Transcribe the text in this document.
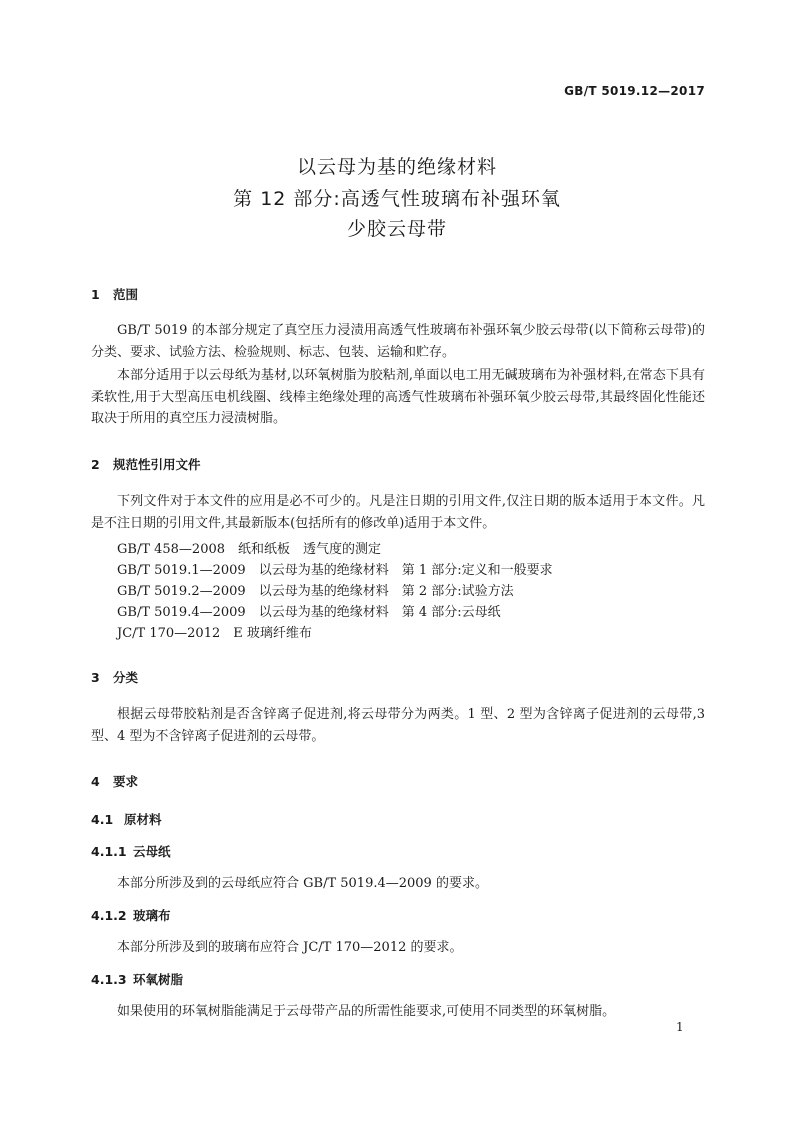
GB/T 5019.12—2017
以云母为基的绝缘材料
第 12 部分:高透气性玻璃布补强环氧
少胶云母带
1 范围
GB/T 5019 的本部分规定了真空压力浸渍用高透气性玻璃布补强环氧少胶云母带(以下简称云母带)的分类、要求、试验方法、检验规则、标志、包装、运输和贮存。
本部分适用于以云母纸为基材,以环氧树脂为胶粘剂,单面以电工用无碱玻璃布为补强材料,在常态下具有柔软性,用于大型高压电机线圈、线棒主绝缘处理的高透气性玻璃布补强环氧少胶云母带,其最终固化性能还取决于所用的真空压力浸渍树脂。
2 规范性引用文件
下列文件对于本文件的应用是必不可少的。凡是注日期的引用文件,仅注日期的版本适用于本文件。凡是不注日期的引用文件,其最新版本(包括所有的修改单)适用于本文件。
GB/T 458—2008　纸和纸板　透气度的测定
GB/T 5019.1—2009　以云母为基的绝缘材料　第 1 部分:定义和一般要求
GB/T 5019.2—2009　以云母为基的绝缘材料　第 2 部分:试验方法
GB/T 5019.4—2009　以云母为基的绝缘材料　第 4 部分:云母纸
JC/T 170—2012　E 玻璃纤维布
3 分类
根据云母带胶粘剂是否含锌离子促进剂,将云母带分为两类。1 型、2 型为含锌离子促进剂的云母带,3 型、4 型为不含锌离子促进剂的云母带。
4 要求
4.1 原材料
4.1.1 云母纸
本部分所涉及到的云母纸应符合 GB/T 5019.4—2009 的要求。
4.1.2 玻璃布
本部分所涉及到的玻璃布应符合 JC/T 170—2012 的要求。
4.1.3 环氧树脂
如果使用的环氧树脂能满足于云母带产品的所需性能要求,可使用不同类型的环氧树脂。
1
